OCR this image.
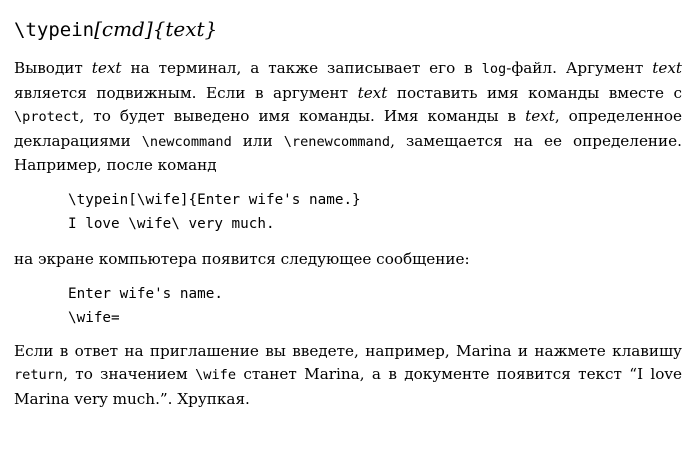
\typein[cmd]{text}

Выводит text на терминал, а также записывает его в log-файл. Аргумент text является подвижным. Если в аргумент text поставить имя команды вместе с \protect, то будет выведено имя команды. Имя команды в text, определенное декларациями \newcommand или \renewcommand, замещается на ее определение. Например, после команд

\typein[\wife]{Enter wife's name.}
I love \wife\ very much.

на экране компьютера появится следующее сообщение:

Enter wife's name.
\wife=

Если в ответ на приглашение вы введете, например, Marina и нажмете клавишу return, то значением \wife станет Marina, а в документе появится текст “I love Marina very much.”. Хрупкая.
